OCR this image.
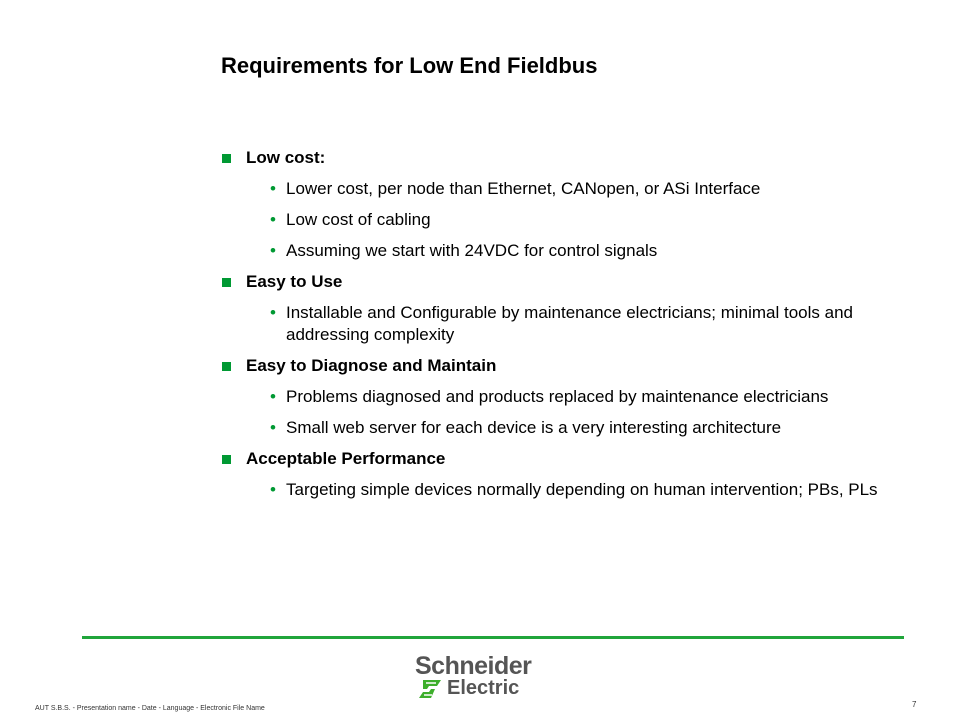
Requirements for Low End Fieldbus
Low cost:
• Lower cost, per node than Ethernet, CANopen, or ASi Interface
• Low cost of cabling
• Assuming we start with 24VDC for control signals
Easy to Use
• Installable and Configurable by maintenance electricians; minimal tools and addressing complexity
Easy to Diagnose and Maintain
• Problems diagnosed and products replaced by maintenance electricians
• Small web server for each device is a very interesting architecture
Acceptable Performance
• Targeting simple devices normally depending on human intervention; PBs, PLs
Schneider
Electric
AUT S.B.S. - Presentation name - Date - Language - Electronic File Name	7
